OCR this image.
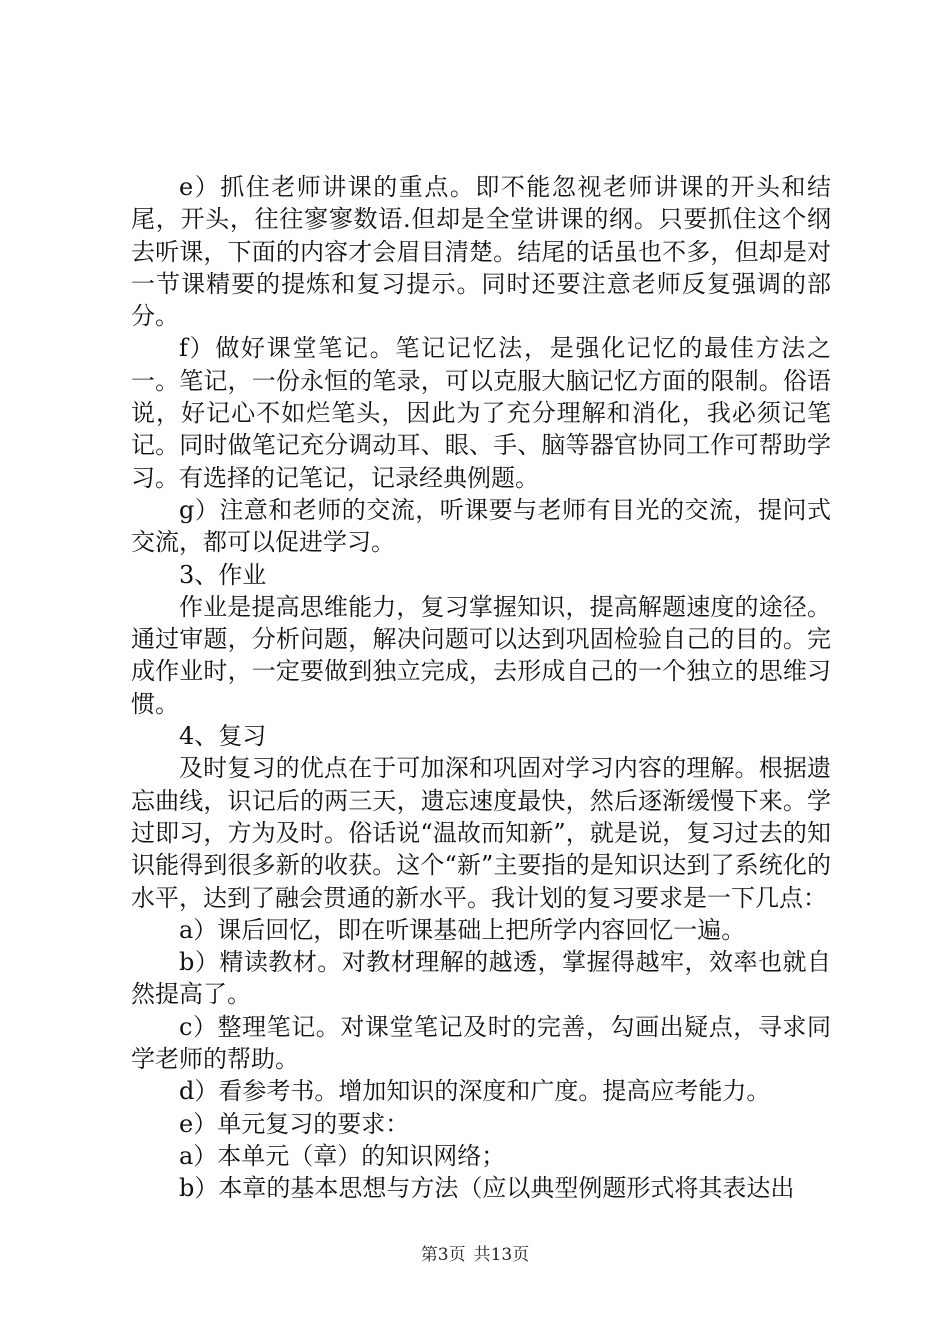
e）抓住老师讲课的重点。即不能忽视老师讲课的开头和结尾，开头，往往寥寥数语.但却是全堂讲课的纲。只要抓住这个纲去听课，下面的内容才会眉目清楚。结尾的话虽也不多，但却是对一节课精要的提炼和复习提示。同时还要注意老师反复强调的部分。

f）做好课堂笔记。笔记记忆法，是强化记忆的最佳方法之一。笔记，一份永恒的笔录，可以克服大脑记忆方面的限制。俗语说，好记心不如烂笔头，因此为了充分理解和消化，我必须记笔记。同时做笔记充分调动耳、眼、手、脑等器官协同工作可帮助学习。有选择的记笔记，记录经典例题。

g）注意和老师的交流，听课要与老师有目光的交流，提问式交流，都可以促进学习。

3、作业

作业是提高思维能力，复习掌握知识，提高解题速度的途径。通过审题，分析问题，解决问题可以达到巩固检验自己的目的。完成作业时，一定要做到独立完成，去形成自己的一个独立的思维习惯。

4、复习

及时复习的优点在于可加深和巩固对学习内容的理解。根据遗忘曲线，识记后的两三天，遗忘速度最快，然后逐渐缓慢下来。学过即习，方为及时。俗话说“温故而知新”，就是说，复习过去的知识能得到很多新的收获。这个“新”主要指的是知识达到了系统化的水平，达到了融会贯通的新水平。我计划的复习要求是一下几点：

a）课后回忆，即在听课基础上把所学内容回忆一遍。

b）精读教材。对教材理解的越透，掌握得越牢，效率也就自然提高了。

c）整理笔记。对课堂笔记及时的完善，勾画出疑点，寻求同学老师的帮助。

d）看参考书。增加知识的深度和广度。提高应考能力。

e）单元复习的要求：

a）本单元（章）的知识网络；

b）本章的基本思想与方法（应以典型例题形式将其表达出

第3页 共13页
